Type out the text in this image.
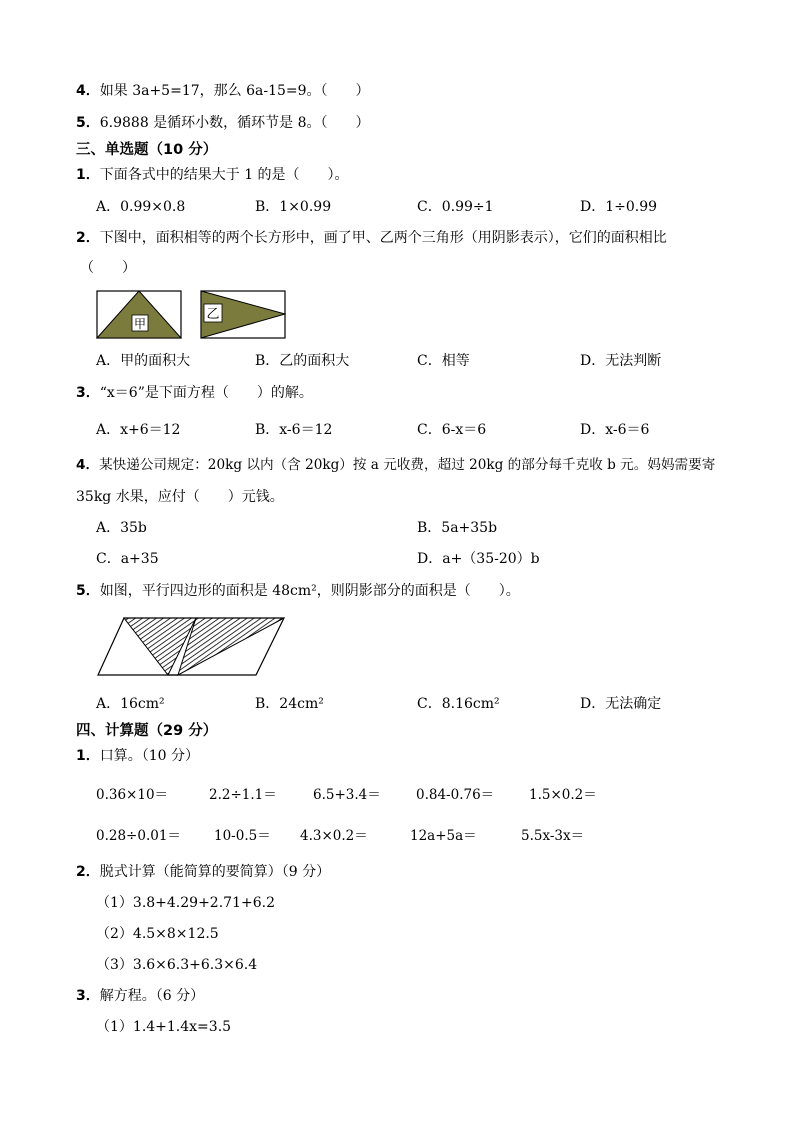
4．如果 3a+5=17，那么 6a-15=9。（　　）
5．6.9888 是循环小数，循环节是 8。（　　）
三、单选题（10 分）
1．下面各式中的结果大于 1 的是（　　）。
A．0.99×0.8	B．1×0.99	C．0.99÷1	D．1÷0.99
2．下图中，面积相等的两个长方形中，画了甲、乙两个三角形（用阴影表示），它们的面积相比
（　　）
甲
乙
A．甲的面积大	B．乙的面积大	C．相等	D．无法判断
3．“x＝6”是下面方程（　　）的解。
A．x+6＝12	B．x-6＝12	C．6-x＝6	D．x-6＝6
4．某快递公司规定：20kg 以内（含 20kg）按 a 元收费，超过 20kg 的部分每千克收 b 元。妈妈需要寄
35kg 水果，应付（　　）元钱。
A．35b	B．5a+35b
C．a+35	D．a+（35-20）b
5．如图，平行四边形的面积是 48cm²，则阴影部分的面积是（　　）。
A．16cm²	B．24cm²	C．8.16cm²	D．无法确定
四、计算题（29 分）
1．口算。（10 分）
0.36×10＝	2.2÷1.1＝	6.5+3.4＝	0.84-0.76＝	1.5×0.2＝
0.28÷0.01＝ 10-0.5＝ 4.3×0.2＝	12a+5a＝	5.5x-3x＝
2．脱式计算（能简算的要简算）（9 分）
（1）3.8+4.29+2.71+6.2
（2）4.5×8×12.5
（3）3.6×6.3+6.3×6.4
3．解方程。（6 分）
（1）1.4+1.4x=3.5
